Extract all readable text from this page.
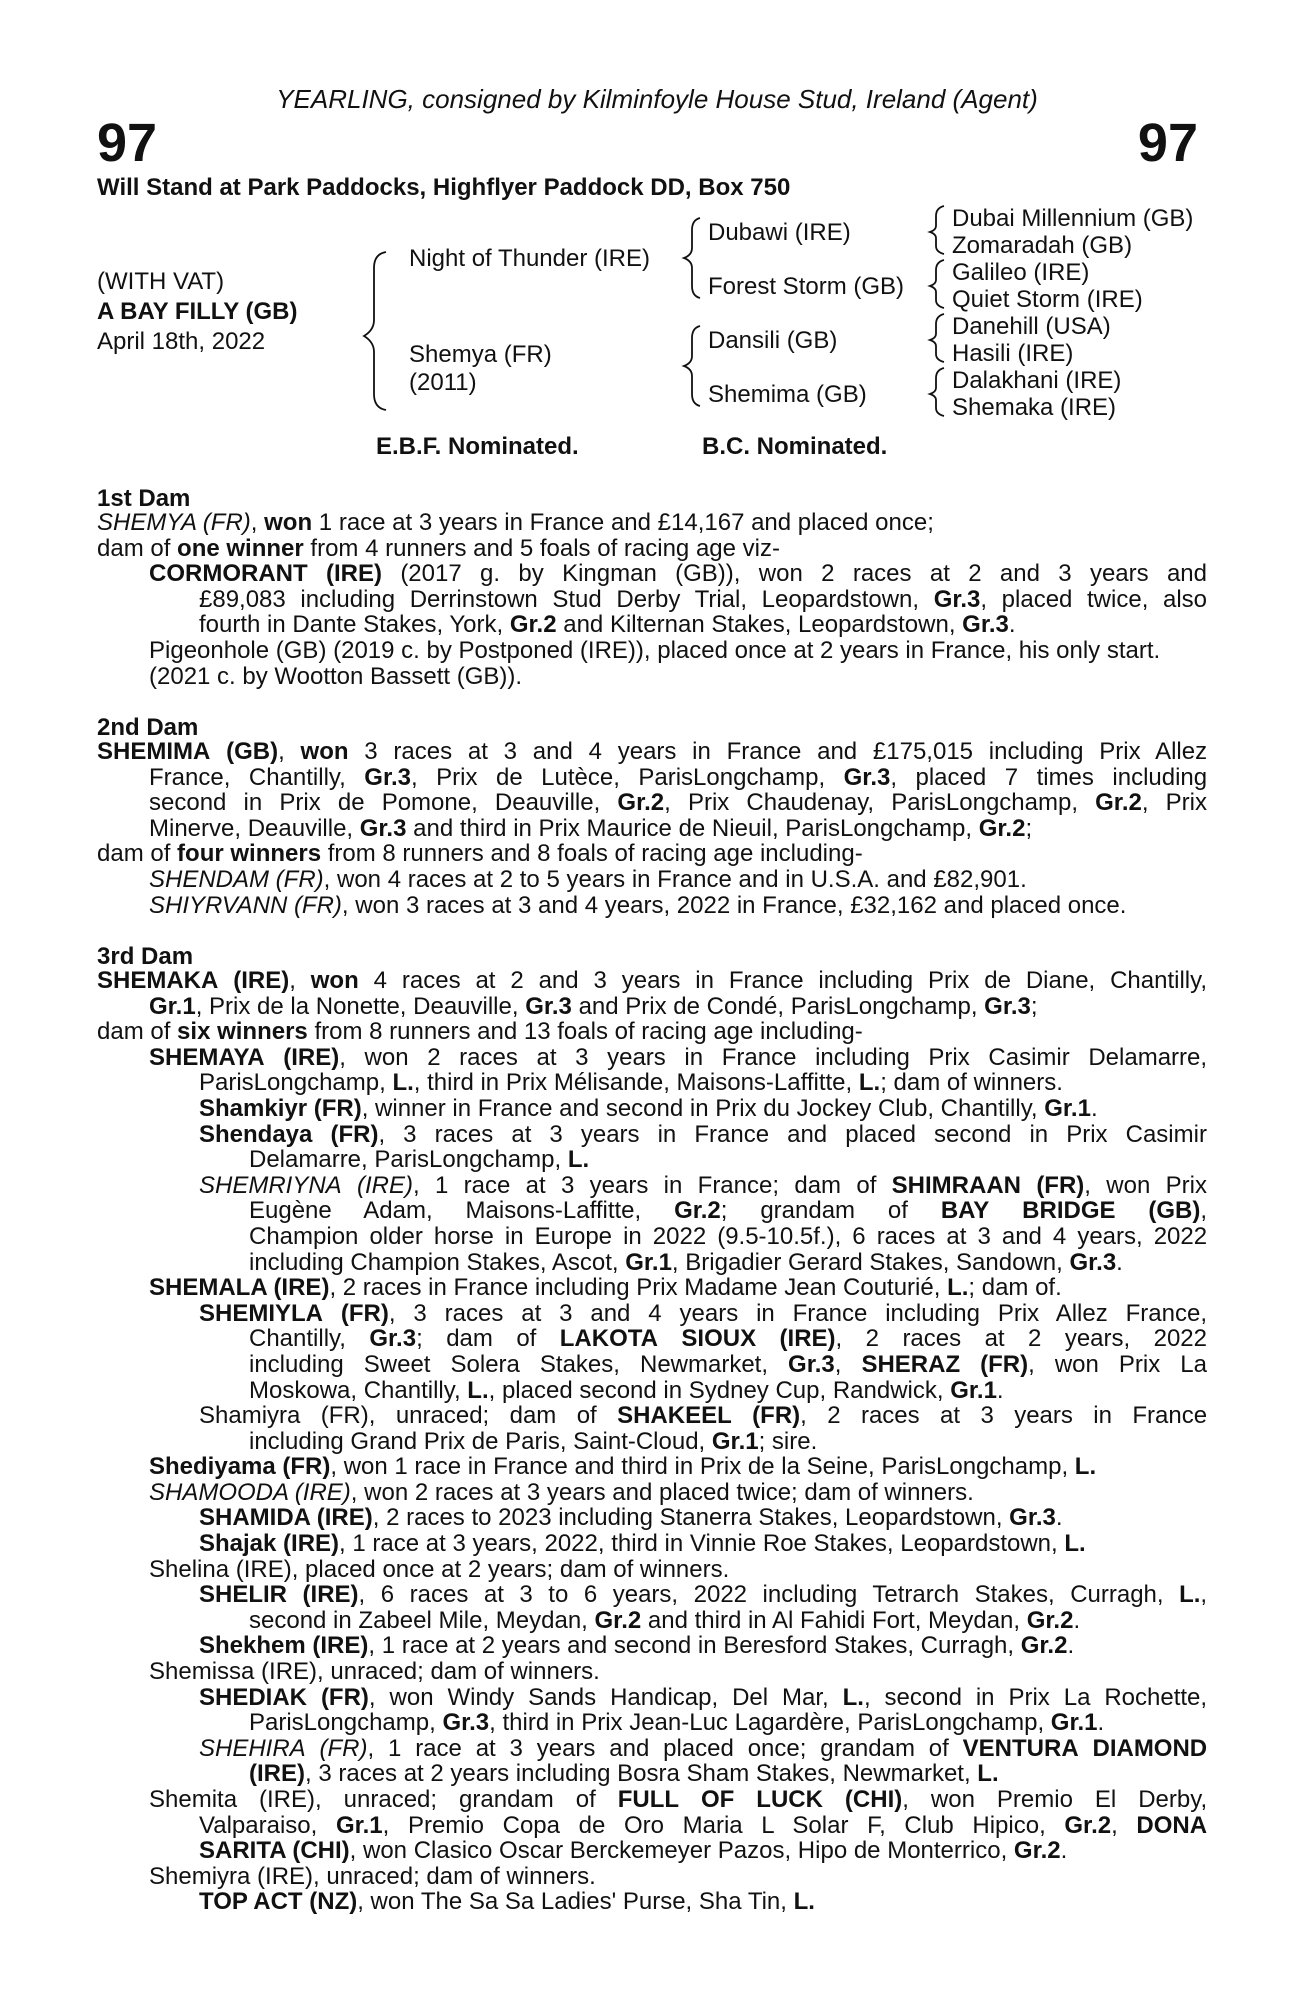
97	97
YEARLING, consigned by Kilminfoyle House Stud, Ireland (Agent)
Will Stand at Park Paddocks, Highflyer Paddock DD, Box 750
(WITH VAT)
A BAY FILLY (GB)
April 18th, 2022
Night of Thunder (IRE)
Shemya (FR)
(2011)
Dubawi (IRE)
Forest Storm (GB)
Dansili (GB)
Shemima (GB)
Dubai Millennium (GB)
Zomaradah (GB)
Galileo (IRE)
Quiet Storm (IRE)
Danehill (USA)
Hasili (IRE)
Dalakhani (IRE)
Shemaka (IRE)
E.B.F. Nominated.	B.C. Nominated.
1st Dam
SHEMYA (FR), won 1 race at 3 years in France and £14,167 and placed once;
dam of one winner from 4 runners and 5 foals of racing age viz-
CORMORANT (IRE) (2017 g. by Kingman (GB)), won 2 races at 2 and 3 years and
£89,083 including Derrinstown Stud Derby Trial, Leopardstown, Gr.3, placed twice, also
fourth in Dante Stakes, York, Gr.2 and Kilternan Stakes, Leopardstown, Gr.3.
Pigeonhole (GB) (2019 c. by Postponed (IRE)), placed once at 2 years in France, his only start.
(2021 c. by Wootton Bassett (GB)).
2nd Dam
SHEMIMA (GB), won 3 races at 3 and 4 years in France and £175,015 including Prix Allez
France, Chantilly, Gr.3, Prix de Lutèce, ParisLongchamp, Gr.3, placed 7 times including
second in Prix de Pomone, Deauville, Gr.2, Prix Chaudenay, ParisLongchamp, Gr.2, Prix
Minerve, Deauville, Gr.3 and third in Prix Maurice de Nieuil, ParisLongchamp, Gr.2;
dam of four winners from 8 runners and 8 foals of racing age including-
SHENDAM (FR), won 4 races at 2 to 5 years in France and in U.S.A. and £82,901.
SHIYRVANN (FR), won 3 races at 3 and 4 years, 2022 in France, £32,162 and placed once.
3rd Dam
SHEMAKA (IRE), won 4 races at 2 and 3 years in France including Prix de Diane, Chantilly,
Gr.1, Prix de la Nonette, Deauville, Gr.3 and Prix de Condé, ParisLongchamp, Gr.3;
dam of six winners from 8 runners and 13 foals of racing age including-
SHEMAYA (IRE), won 2 races at 3 years in France including Prix Casimir Delamarre,
ParisLongchamp, L., third in Prix Mélisande, Maisons-Laffitte, L.; dam of winners.
Shamkiyr (FR), winner in France and second in Prix du Jockey Club, Chantilly, Gr.1.
Shendaya (FR), 3 races at 3 years in France and placed second in Prix Casimir
Delamarre, ParisLongchamp, L.
SHEMRIYNA (IRE), 1 race at 3 years in France; dam of SHIMRAAN (FR), won Prix
Eugène Adam, Maisons-Laffitte, Gr.2; grandam of BAY BRIDGE (GB),
Champion older horse in Europe in 2022 (9.5-10.5f.), 6 races at 3 and 4 years, 2022
including Champion Stakes, Ascot, Gr.1, Brigadier Gerard Stakes, Sandown, Gr.3.
SHEMALA (IRE), 2 races in France including Prix Madame Jean Couturié, L.; dam of.
SHEMIYLA (FR), 3 races at 3 and 4 years in France including Prix Allez France,
Chantilly, Gr.3; dam of LAKOTA SIOUX (IRE), 2 races at 2 years, 2022
including Sweet Solera Stakes, Newmarket, Gr.3, SHERAZ (FR), won Prix La
Moskowa, Chantilly, L., placed second in Sydney Cup, Randwick, Gr.1.
Shamiyra (FR), unraced; dam of SHAKEEL (FR), 2 races at 3 years in France
including Grand Prix de Paris, Saint-Cloud, Gr.1; sire.
Shediyama (FR), won 1 race in France and third in Prix de la Seine, ParisLongchamp, L.
SHAMOODA (IRE), won 2 races at 3 years and placed twice; dam of winners.
SHAMIDA (IRE), 2 races to 2023 including Stanerra Stakes, Leopardstown, Gr.3.
Shajak (IRE), 1 race at 3 years, 2022, third in Vinnie Roe Stakes, Leopardstown, L.
Shelina (IRE), placed once at 2 years; dam of winners.
SHELIR (IRE), 6 races at 3 to 6 years, 2022 including Tetrarch Stakes, Curragh, L.,
second in Zabeel Mile, Meydan, Gr.2 and third in Al Fahidi Fort, Meydan, Gr.2.
Shekhem (IRE), 1 race at 2 years and second in Beresford Stakes, Curragh, Gr.2.
Shemissa (IRE), unraced; dam of winners.
SHEDIAK (FR), won Windy Sands Handicap, Del Mar, L., second in Prix La Rochette,
ParisLongchamp, Gr.3, third in Prix Jean-Luc Lagardère, ParisLongchamp, Gr.1.
SHEHIRA (FR), 1 race at 3 years and placed once; grandam of VENTURA DIAMOND
(IRE), 3 races at 2 years including Bosra Sham Stakes, Newmarket, L.
Shemita (IRE), unraced; grandam of FULL OF LUCK (CHI), won Premio El Derby,
Valparaiso, Gr.1, Premio Copa de Oro Maria L Solar F, Club Hipico, Gr.2, DONA
SARITA (CHI), won Clasico Oscar Berckemeyer Pazos, Hipo de Monterrico, Gr.2.
Shemiyra (IRE), unraced; dam of winners.
TOP ACT (NZ), won The Sa Sa Ladies' Purse, Sha Tin, L.
